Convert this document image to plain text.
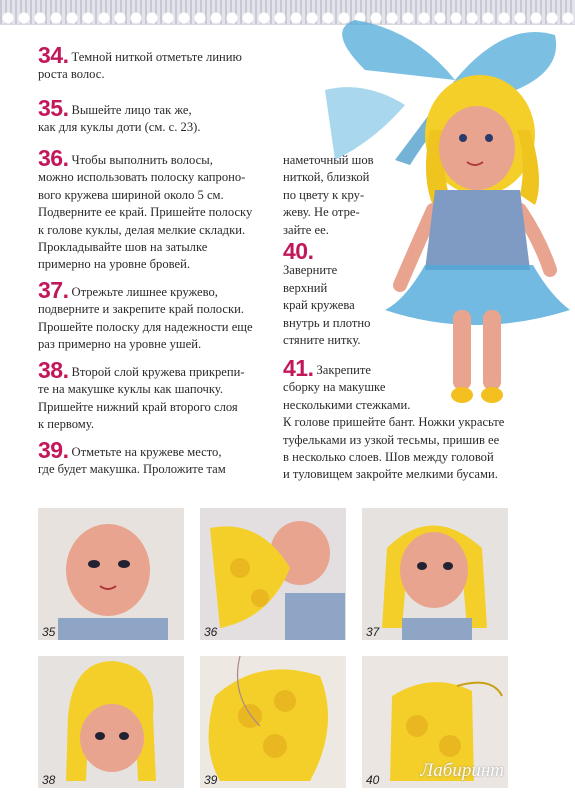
34. Темной ниткой отметьте линию
роста волос.

35. Вышейте лицо так же,
как для куклы доти (см. с. 23).

36. Чтобы выполнить волосы,
можно использовать полоску капроно-
вого кружева шириной около 5 см.
Подверните ее край. Пришейте полоску
к голове куклы, делая мелкие складки.
Прокладывайте шов на затылке
примерно на уровне бровей.

37. Отрежьте лишнее кружево,
подверните и закрепите край полоски.
Прошейте полоску для надежности еще
раз примерно на уровне ушей.

38. Второй слой кружева прикрепи-
те на макушке куклы как шапочку.
Пришейте нижний край второго слоя
к первому.

39. Отметьте на кружеве место,
где будет макушка. Проложите там

наметочный шов
ниткой, близкой
по цвету к кру-
жеву. Не отре-
зайте ее.

40.
Заверните
верхний
край кружева
внутрь и плотно
стяните нитку.

41. Закрепите
сборку на макушке
несколькими стежками.
К голове пришейте бант. Ножки украсьте
туфельками из узкой тесьмы, пришив ее
в несколько слоев. Шов между головой
и туловищем закройте мелкими бусами.

35	36	37
38	39	40 Лабиринт
